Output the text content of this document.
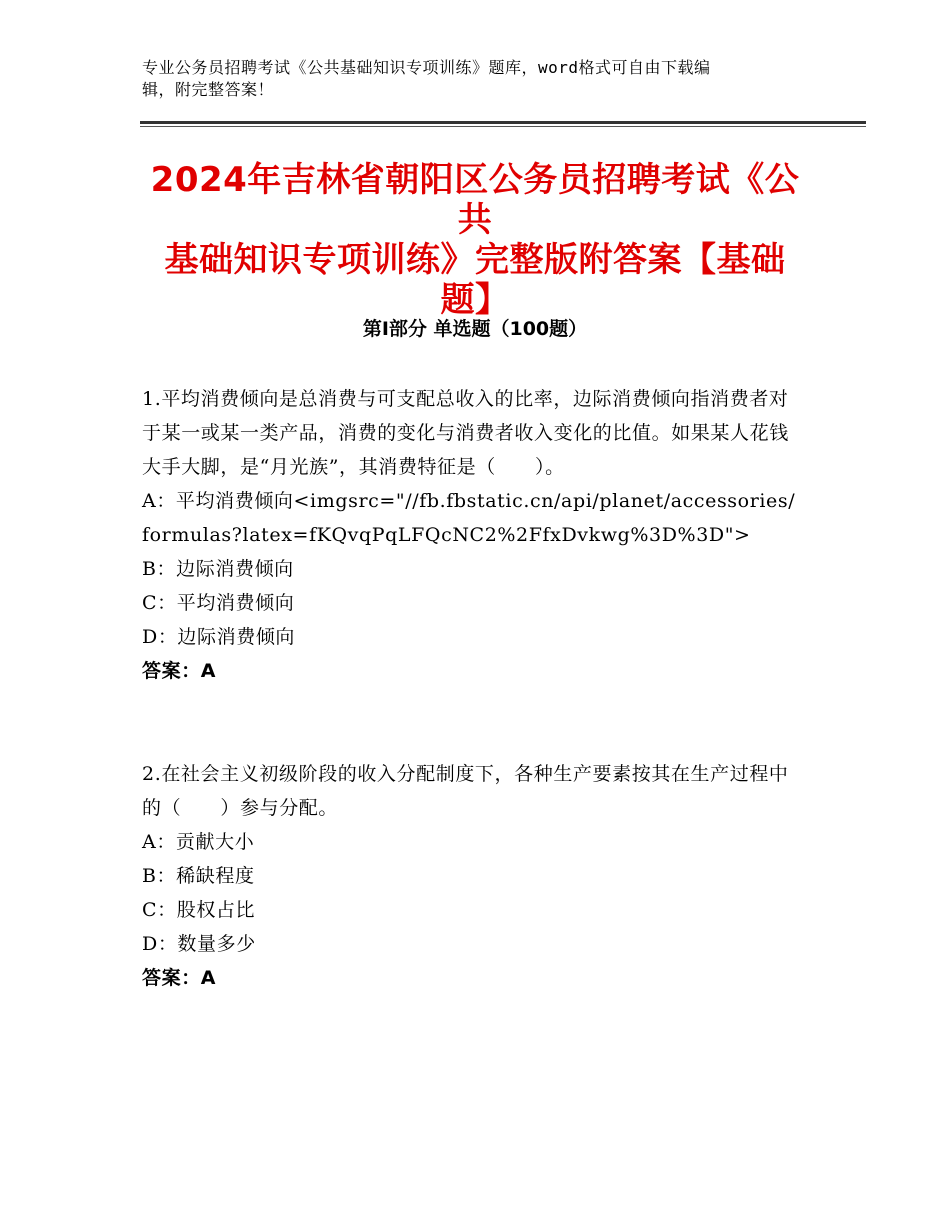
专业公务员招聘考试《公共基础知识专项训练》题库，word格式可自由下载编
辑，附完整答案！
2024年吉林省朝阳区公务员招聘考试《公共
基础知识专项训练》完整版附答案【基础
题】
第Ⅰ部分 单选题（100题）

1.平均消费倾向是总消费与可支配总收入的比率，边际消费倾向指消费者对于某一或某一类产品，消费的变化与消费者收入变化的比值。如果某人花钱大手大脚，是“月光族”，其消费特征是（　　）。

A：平均消费倾向<imgsrc="//fb.fbstatic.cn/api/planet/accessories/formulas?latex=fKQvqPqLFQcNC2%2FfxDvkwg%3D%3D">

B：边际消费倾向

C：平均消费倾向

D：边际消费倾向

答案：A

2.在社会主义初级阶段的收入分配制度下，各种生产要素按其在生产过程中的（　　）参与分配。

A：贡献大小

B：稀缺程度

C：股权占比

D：数量多少

答案：A
